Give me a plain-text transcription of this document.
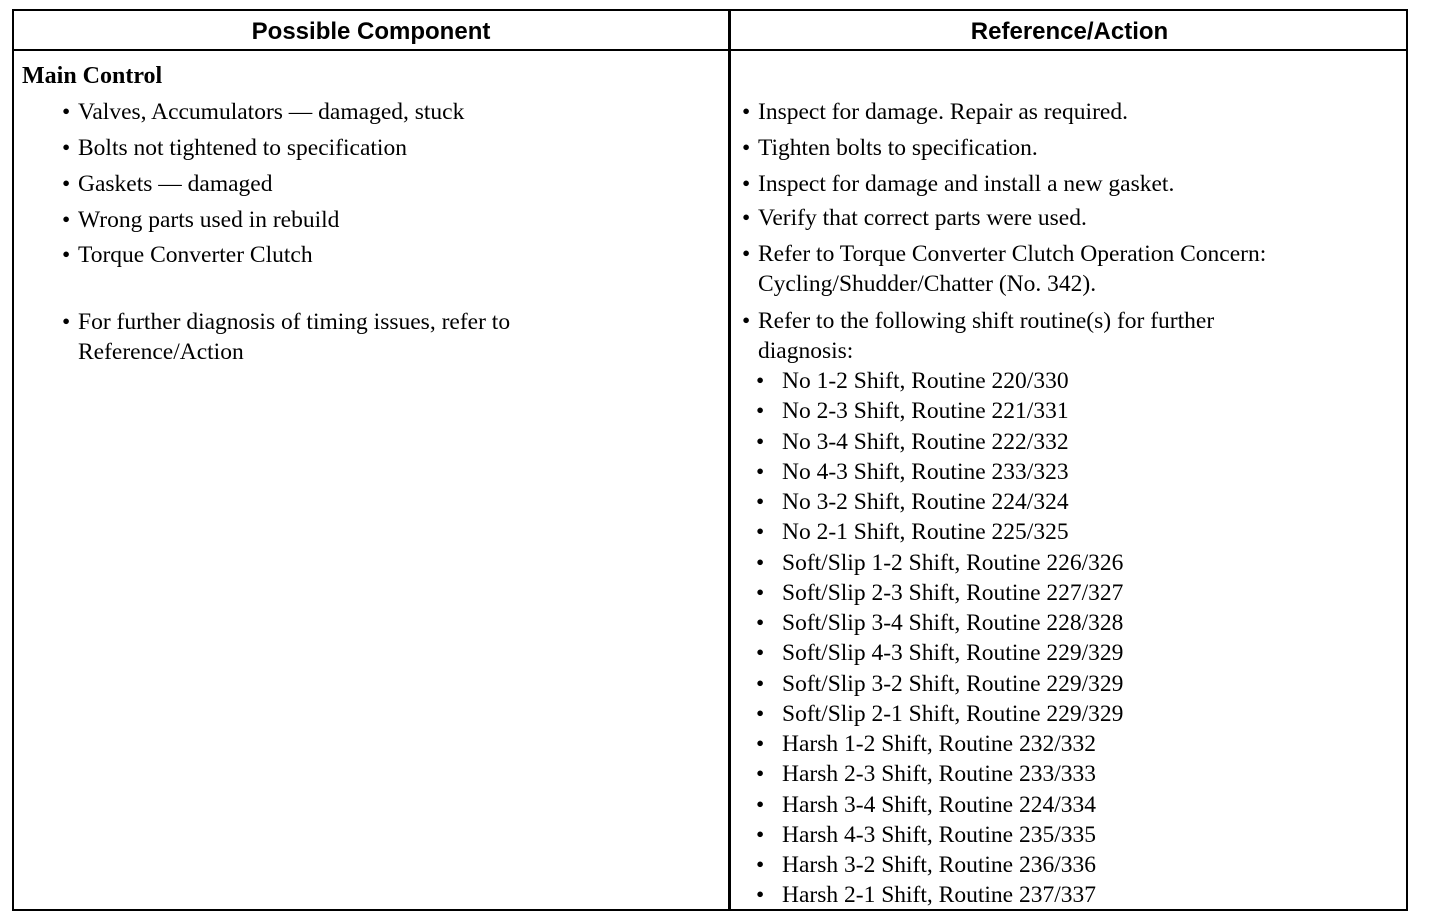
Possible Component	Reference/Action
Main Control
• Valves, Accumulators — damaged, stuck
• Bolts not tightened to specification
• Gaskets — damaged
• Wrong parts used in rebuild
• Torque Converter Clutch
• For further diagnosis of timing issues, refer to
Reference/Action
• Inspect for damage. Repair as required.
• Tighten bolts to specification.
• Inspect for damage and install a new gasket.
• Verify that correct parts were used.
• Refer to Torque Converter Clutch Operation Concern:
Cycling/Shudder/Chatter (No. 342).
• Refer to the following shift routine(s) for further
diagnosis:
• No 1-2 Shift, Routine 220/330
• No 2-3 Shift, Routine 221/331
• No 3-4 Shift, Routine 222/332
• No 4-3 Shift, Routine 233/323
• No 3-2 Shift, Routine 224/324
• No 2-1 Shift, Routine 225/325
• Soft/Slip 1-2 Shift, Routine 226/326
• Soft/Slip 2-3 Shift, Routine 227/327
• Soft/Slip 3-4 Shift, Routine 228/328
• Soft/Slip 4-3 Shift, Routine 229/329
• Soft/Slip 3-2 Shift, Routine 229/329
• Soft/Slip 2-1 Shift, Routine 229/329
• Harsh 1-2 Shift, Routine 232/332
• Harsh 2-3 Shift, Routine 233/333
• Harsh 3-4 Shift, Routine 224/334
• Harsh 4-3 Shift, Routine 235/335
• Harsh 3-2 Shift, Routine 236/336
• Harsh 2-1 Shift, Routine 237/337
